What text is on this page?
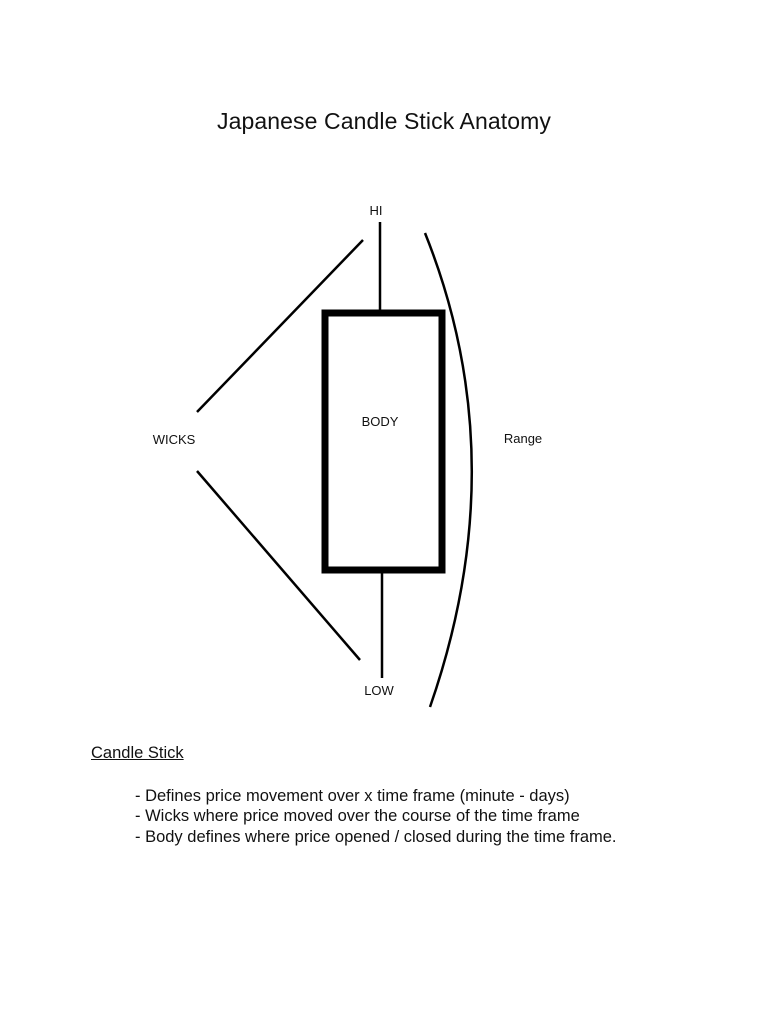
Japanese Candle Stick Anatomy
HI
BODY
WICKS	Range
LOW
Candle Stick
- Defines price movement over x time frame (minute - days)
- Wicks where price moved over the course of the time frame
- Body defines where price opened / closed during the time frame.
